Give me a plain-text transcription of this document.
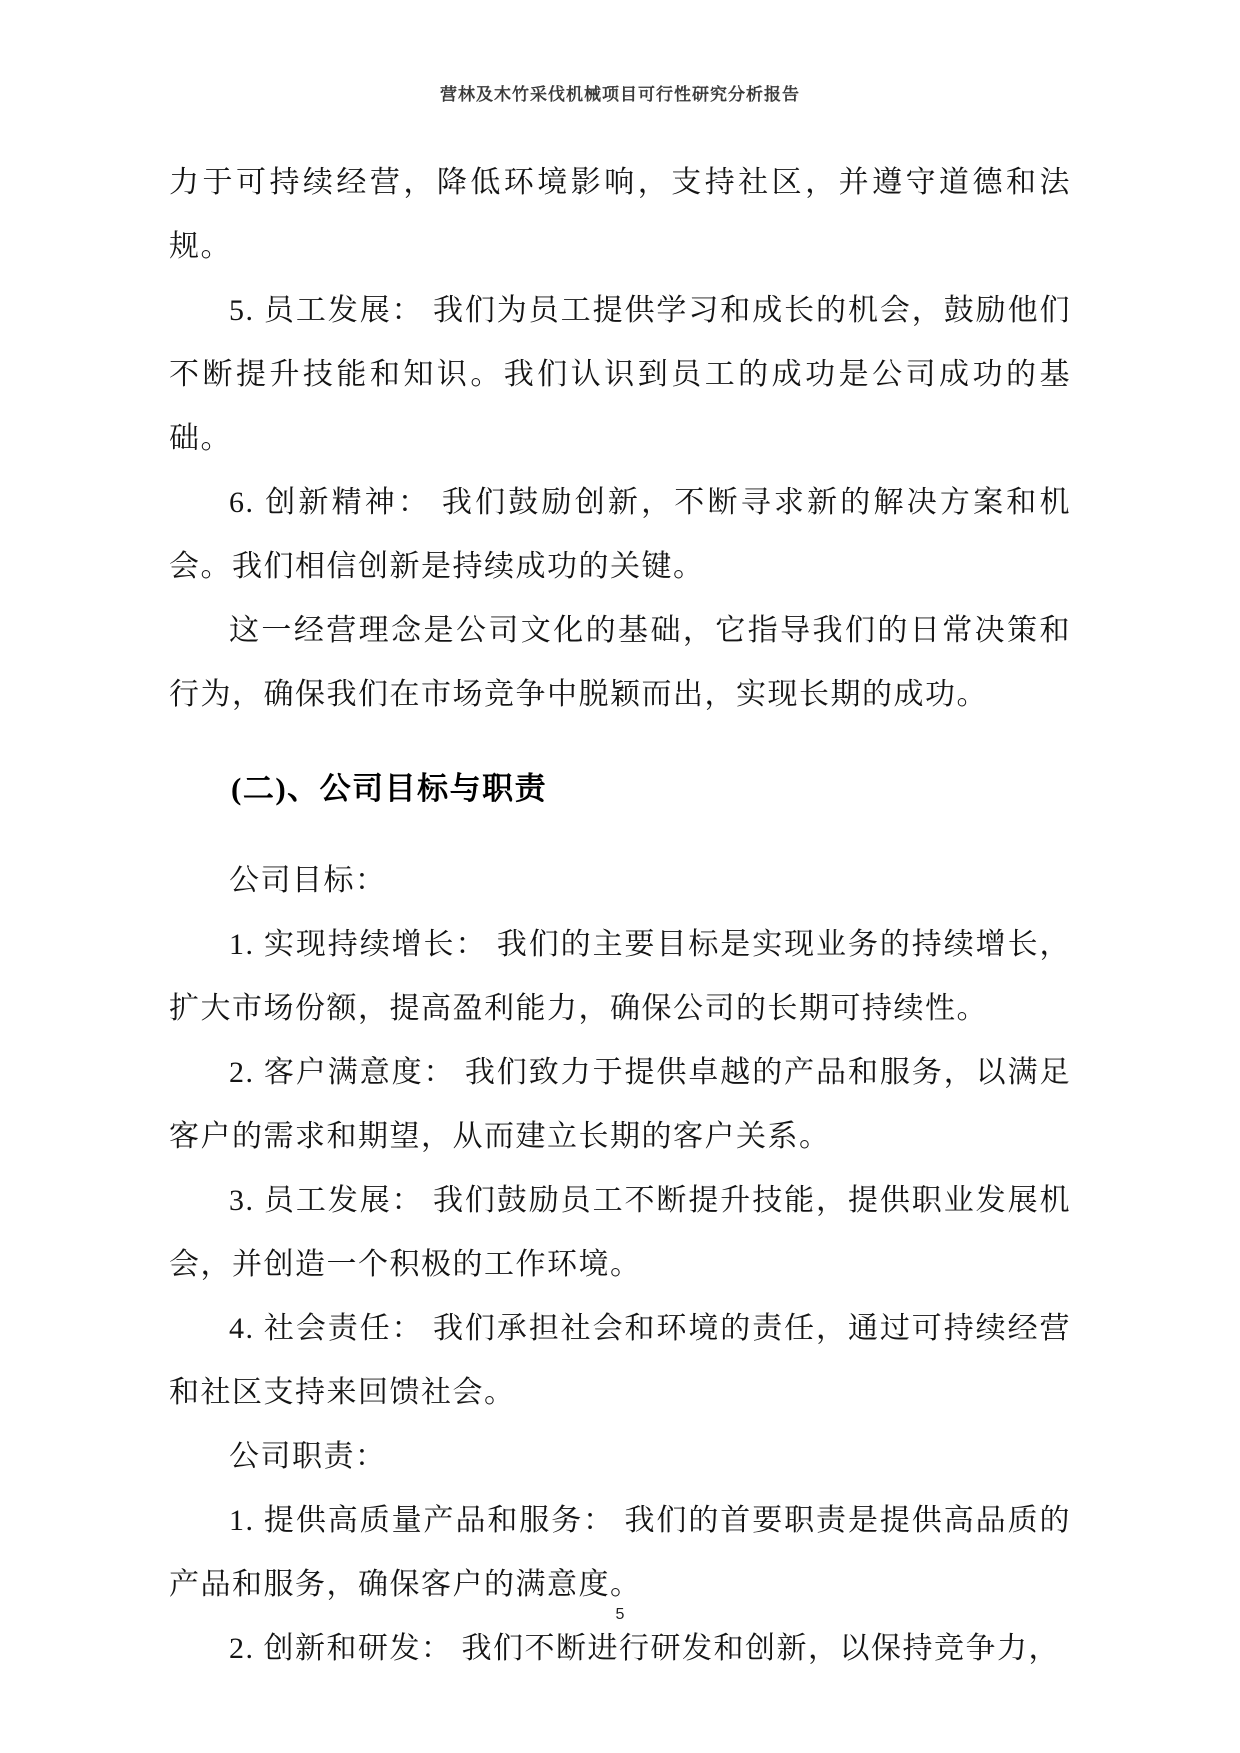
营林及木竹采伐机械项目可行性研究分析报告

力于可持续经营，降低环境影响，支持社区，并遵守道德和法规。

5. 员工发展： 我们为员工提供学习和成长的机会，鼓励他们不断提升技能和知识。我们认识到员工的成功是公司成功的基础。

6. 创新精神： 我们鼓励创新，不断寻求新的解决方案和机会。我们相信创新是持续成功的关键。

这一经营理念是公司文化的基础，它指导我们的日常决策和行为，确保我们在市场竞争中脱颖而出，实现长期的成功。

(二)、公司目标与职责

公司目标：

1. 实现持续增长： 我们的主要目标是实现业务的持续增长，扩大市场份额，提高盈利能力，确保公司的长期可持续性。

2. 客户满意度： 我们致力于提供卓越的产品和服务，以满足客户的需求和期望，从而建立长期的客户关系。

3. 员工发展： 我们鼓励员工不断提升技能，提供职业发展机会，并创造一个积极的工作环境。

4. 社会责任： 我们承担社会和环境的责任，通过可持续经营和社区支持来回馈社会。

公司职责：

1. 提供高质量产品和服务： 我们的首要职责是提供高品质的产品和服务，确保客户的满意度。

2. 创新和研发： 我们不断进行研发和创新，以保持竞争力，

5
